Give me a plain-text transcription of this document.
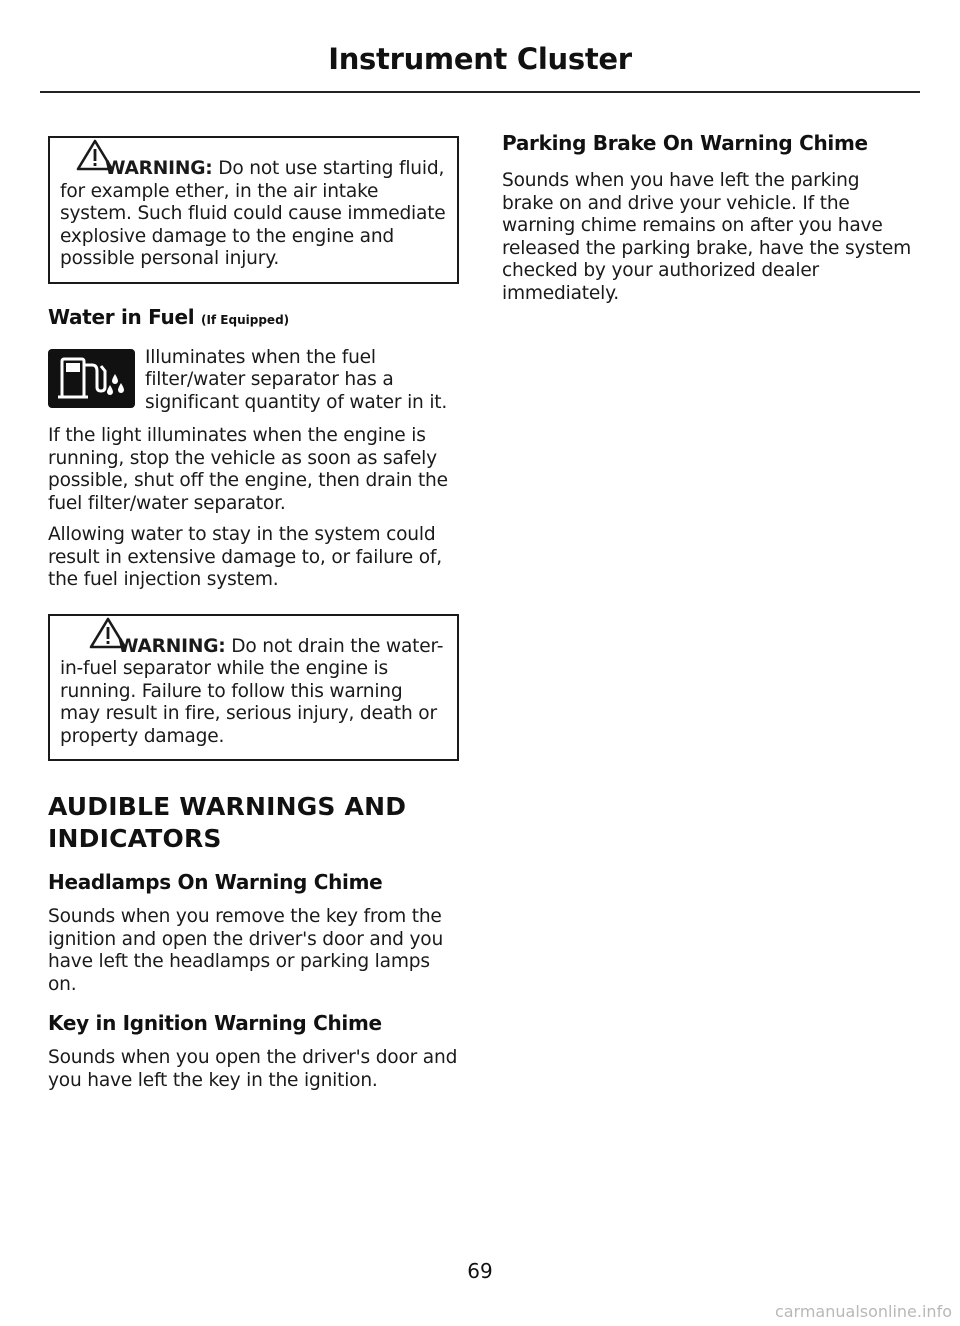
Instrument Cluster

WARNING: Do not use starting fluid, for example ether, in the air intake system. Such fluid could cause immediate explosive damage to the engine and possible personal injury.

Water in Fuel (If Equipped)

Illuminates when the fuel filter/water separator has a significant quantity of water in it.

If the light illuminates when the engine is running, stop the vehicle as soon as safely possible, shut off the engine, then drain the fuel filter/water separator.

Allowing water to stay in the system could result in extensive damage to, or failure of, the fuel injection system.

WARNING: Do not drain the water-in-fuel separator while the engine is running. Failure to follow this warning may result in fire, serious injury, death or property damage.

AUDIBLE WARNINGS AND
INDICATORS
Headlamps On Warning Chime

Sounds when you remove the key from the ignition and open the driver's door and you have left the headlamps or parking lamps on.

Key in Ignition Warning Chime

Sounds when you open the driver's door and you have left the key in the ignition.

Parking Brake On Warning Chime

Sounds when you have left the parking brake on and drive your vehicle. If the warning chime remains on after you have released the parking brake, have the system checked by your authorized dealer immediately.

69
carmanualsonline.info
